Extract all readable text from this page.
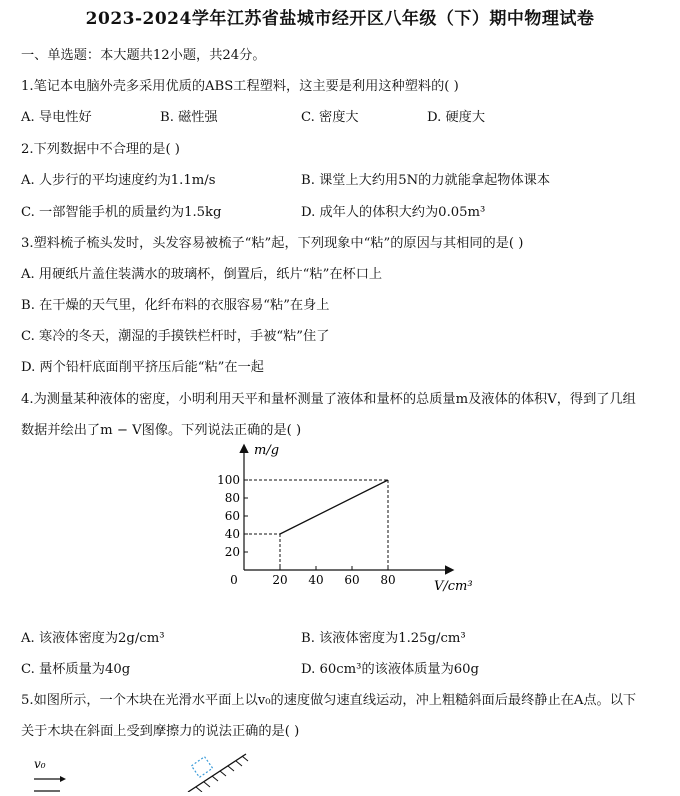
2023-2024学年江苏省盐城市经开区八年级（下）期中物理试卷
一、单选题：本大题共12小题，共24分。
1.笔记本电脑外壳多采用优质的ABS工程塑料，这主要是利用这种塑料的( )
A. 导电性好	B. 磁性强	C. 密度大	D. 硬度大
2.下列数据中不合理的是( )
A. 人步行的平均速度约为1.1m/s	B. 课堂上大约用5N的力就能拿起物体课本
C. 一部智能手机的质量约为1.5kg	D. 成年人的体积大约为0.05m³
3.塑料梳子梳头发时，头发容易被梳子“粘”起，下列现象中“粘”的原因与其相同的是( )
A. 用硬纸片盖住装满水的玻璃杯，倒置后，纸片“粘”在杯口上
B. 在干燥的天气里，化纤布料的衣服容易“粘”在身上
C. 寒冷的冬天，潮湿的手摸铁栏杆时，手被“粘”住了
D. 两个铅杆底面削平挤压后能“粘”在一起
4.为测量某种液体的密度，小明利用天平和量杯测量了液体和量杯的总质量m及液体的体积V，得到了几组
数据并绘出了m − V图像。下列说法正确的是( )
m/g
V/cm³
0	20 40 60 80
20
40
60
80
100
A. 该液体密度为2g/cm³	B. 该液体密度为1.25g/cm³
C. 量杯质量为40g	D. 60cm³的该液体质量为60g
5.如图所示，一个木块在光滑水平面上以v₀的速度做匀速直线运动，冲上粗糙斜面后最终静止在A点。以下
关于木块在斜面上受到摩擦力的说法正确的是( )
v₀
